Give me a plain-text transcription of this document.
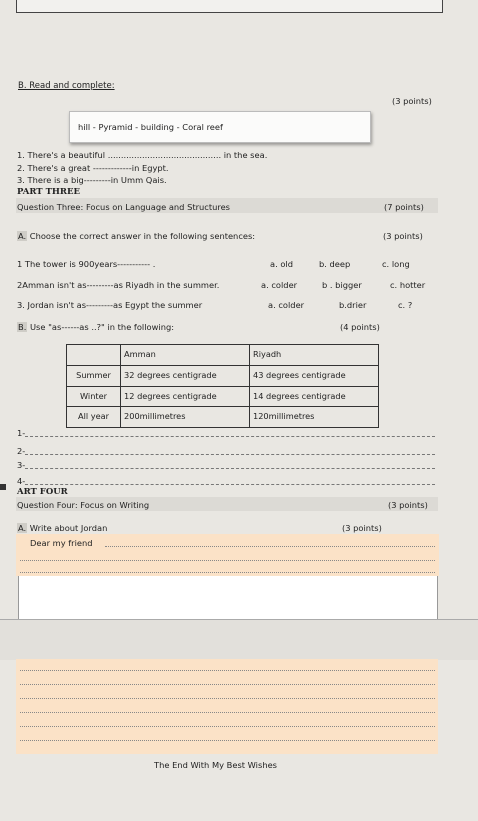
B. Read and complete:
(3 points)
hill - Pyramid - building - Coral reef
1. There's a beautiful ........................................... in the sea.
2. There's a great -------------in Egypt.
3. There is a big---------in Umm Qais.
PART THREE
Question Three: Focus on Language and Structures	(7 points)
A. Choose the correct answer in the following sentences:	(3 points)
1 The tower is 900years----------- .	a. old	b. deep	c. long
2Amman isn't as---------as Riyadh in the summer.	a. colder	b . bigger	c. hotter
3. Jordan isn't as---------as Egypt the summer	a. colder	b.drier	c. ?
B. Use "as------as ..?" in the following:	(4 points)
	Amman	Riyadh
Summer	32 degrees centigrade	43 degrees centigrade
Winter	12 degrees centigrade	14 degrees centigrade
All year	200millimetres	120millimetres
1-
2-
3-
4-
ART FOUR
Question Four: Focus on Writing	(3 points)
A. Write about Jordan	(3 points)
Dear my friend
The End With My Best Wishes
